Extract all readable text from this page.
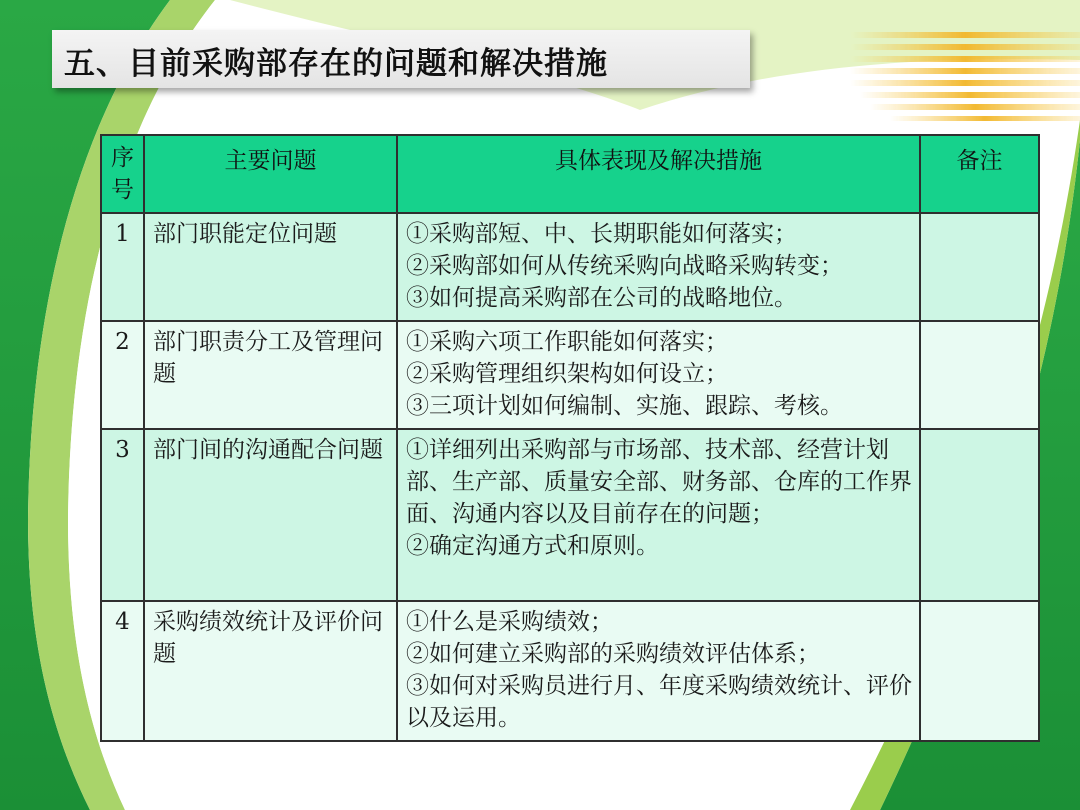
五、目前采购部存在的问题和解决措施
序号	主要问题	具体表现及解决措施	备注
1	部门职能定位问题	①采购部短、中、长期职能如何落实；
②采购部如何从传统采购向战略采购转变；
③如何提高采购部在公司的战略地位。	

2	部门职责分工及管理问题	①采购六项工作职能如何落实；
②采购管理组织架构如何设立；
③三项计划如何编制、实施、跟踪、考核。	

3	部门间的沟通配合问题	①详细列出采购部与市场部、技术部、经营计划部、生产部、质量安全部、财务部、仓库的工作界面、沟通内容以及目前存在的问题；
②确定沟通方式和原则。	

4	采购绩效统计及评价问题	①什么是采购绩效；
②如何建立采购部的采购绩效评估体系；
③如何对采购员进行月、年度采购绩效统计、评价以及运用。	
